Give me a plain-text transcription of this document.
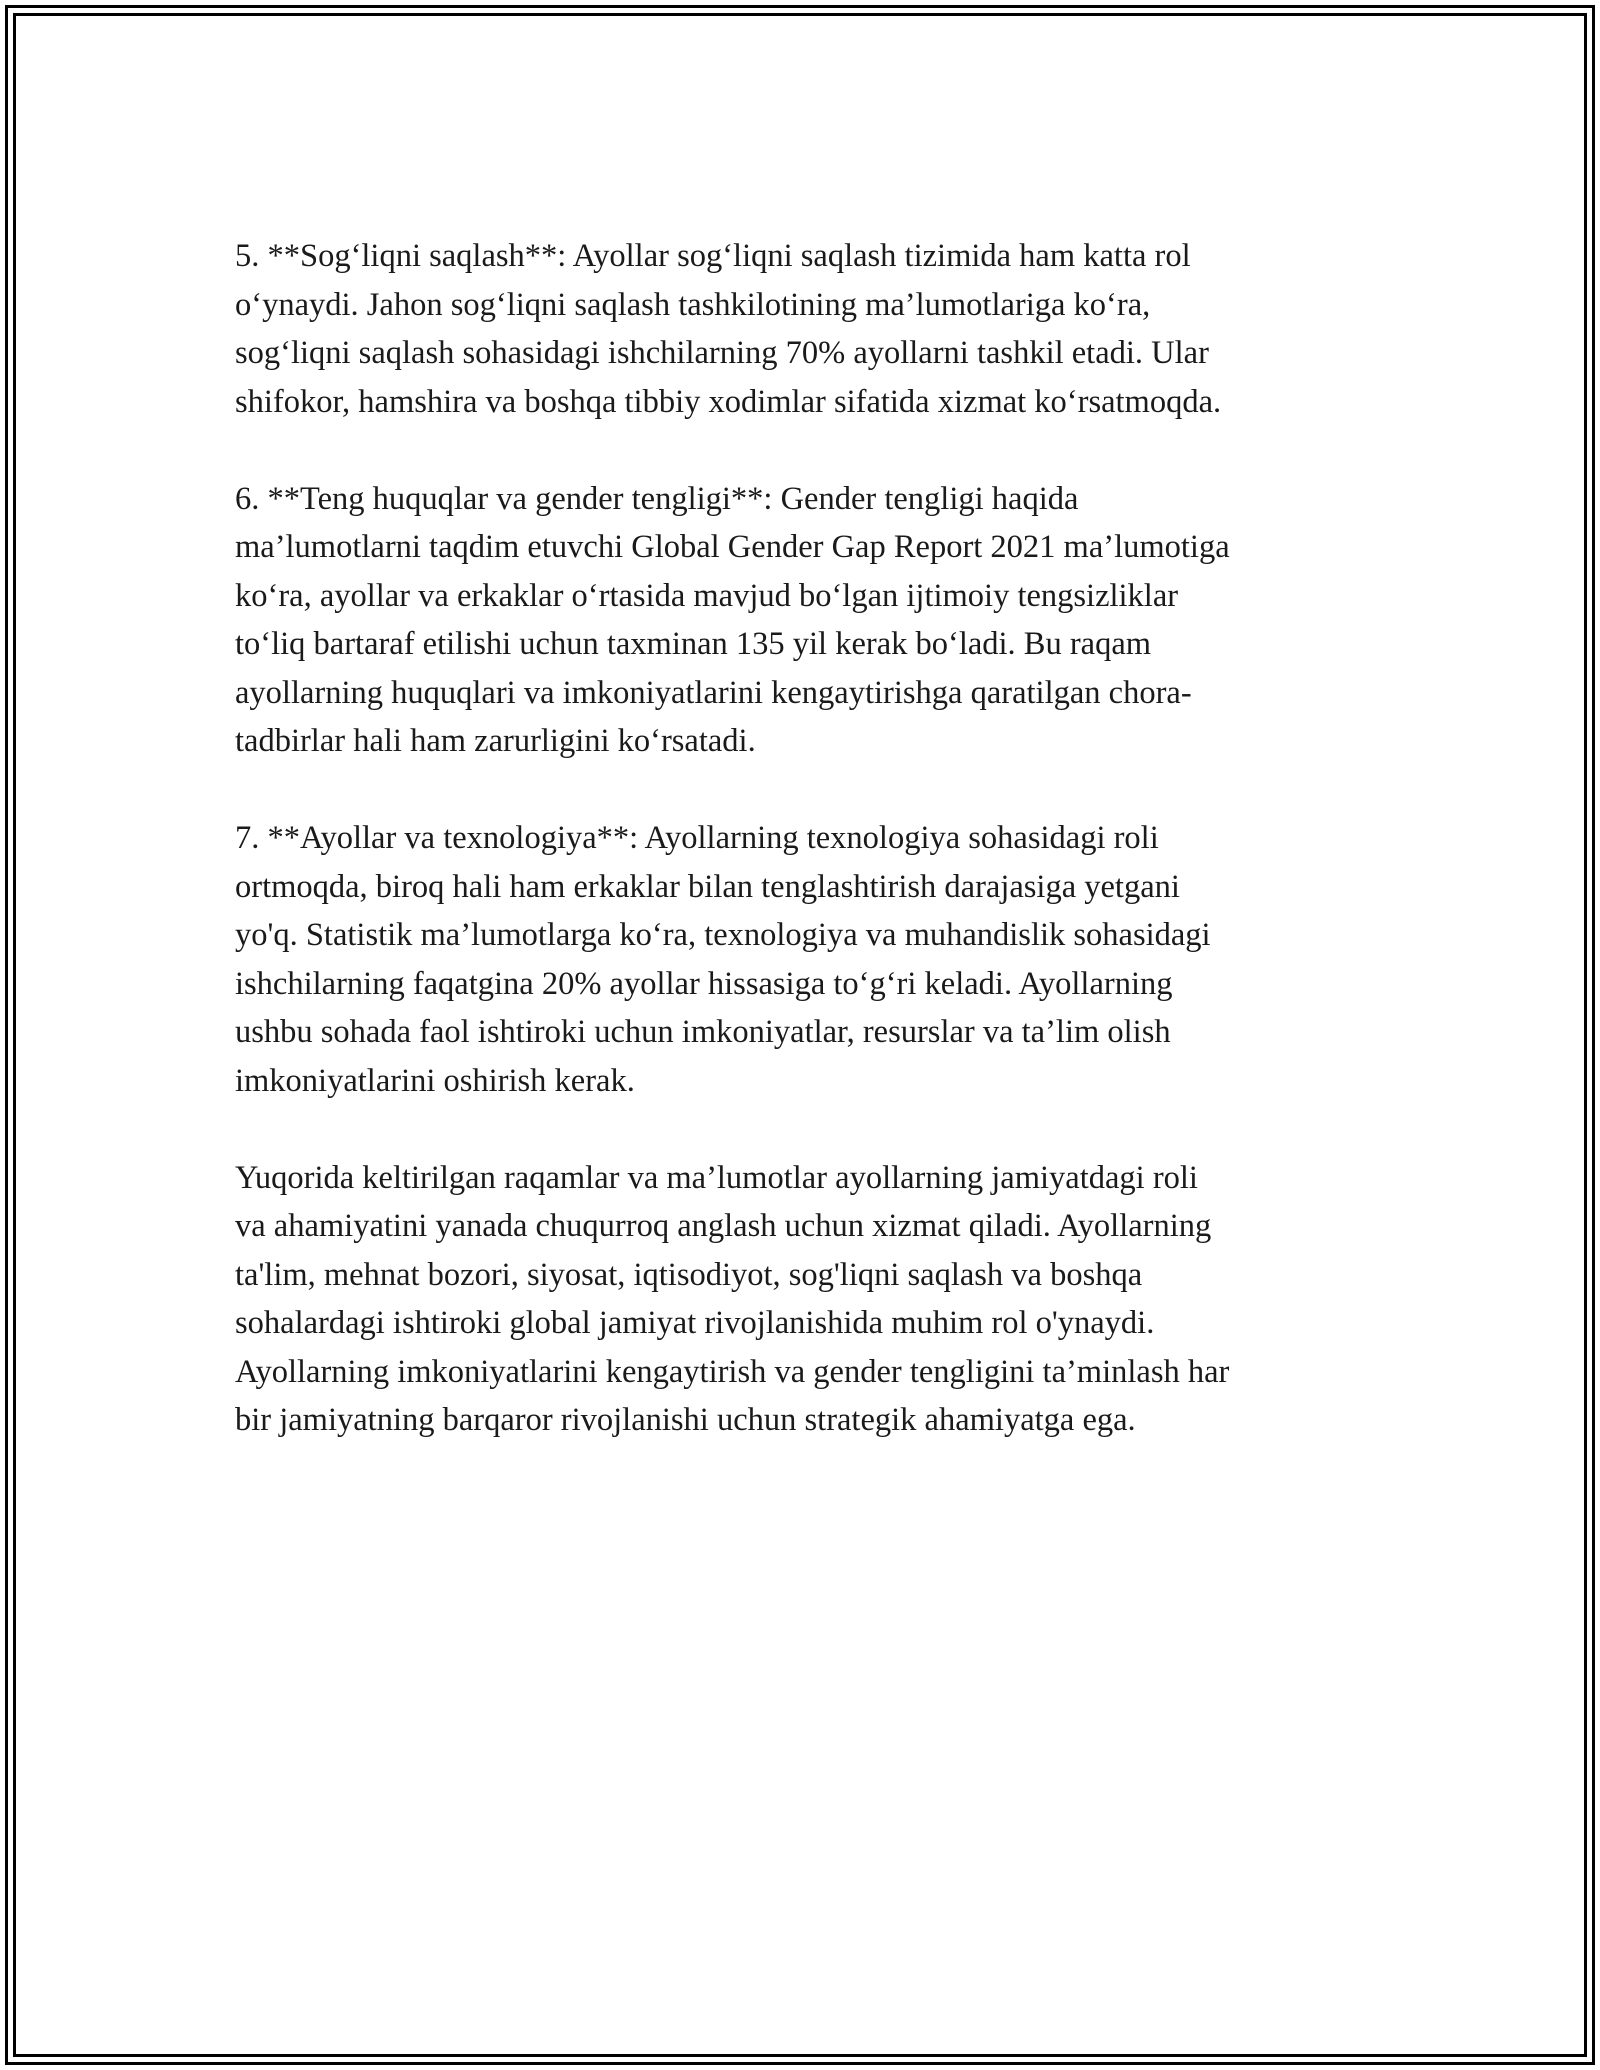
5. **Sog‘liqni saqlash**: Ayollar sog‘liqni saqlash tizimida ham katta rol
o‘ynaydi. Jahon sog‘liqni saqlash tashkilotining ma’lumotlariga ko‘ra,
sog‘liqni saqlash sohasidagi ishchilarning 70% ayollarni tashkil etadi. Ular
shifokor, hamshira va boshqa tibbiy xodimlar sifatida xizmat ko‘rsatmoqda.
6. **Teng huquqlar va gender tengligi**: Gender tengligi haqida
ma’lumotlarni taqdim etuvchi Global Gender Gap Report 2021 ma’lumotiga
ko‘ra, ayollar va erkaklar o‘rtasida mavjud bo‘lgan ijtimoiy tengsizliklar
to‘liq bartaraf etilishi uchun taxminan 135 yil kerak bo‘ladi. Bu raqam
ayollarning huquqlari va imkoniyatlarini kengaytirishga qaratilgan chora-
tadbirlar hali ham zarurligini ko‘rsatadi.
7. **Ayollar va texnologiya**: Ayollarning texnologiya sohasidagi roli
ortmoqda, biroq hali ham erkaklar bilan tenglashtirish darajasiga yetgani
yo'q. Statistik ma’lumotlarga ko‘ra, texnologiya va muhandislik sohasidagi
ishchilarning faqatgina 20% ayollar hissasiga to‘g‘ri keladi. Ayollarning
ushbu sohada faol ishtiroki uchun imkoniyatlar, resurslar va ta’lim olish
imkoniyatlarini oshirish kerak.
Yuqorida keltirilgan raqamlar va ma’lumotlar ayollarning jamiyatdagi roli
va ahamiyatini yanada chuqurroq anglash uchun xizmat qiladi. Ayollarning
ta'lim, mehnat bozori, siyosat, iqtisodiyot, sog'liqni saqlash va boshqa
sohalardagi ishtiroki global jamiyat rivojlanishida muhim rol o'ynaydi.
Ayollarning imkoniyatlarini kengaytirish va gender tengligini ta’minlash har
bir jamiyatning barqaror rivojlanishi uchun strategik ahamiyatga ega.
